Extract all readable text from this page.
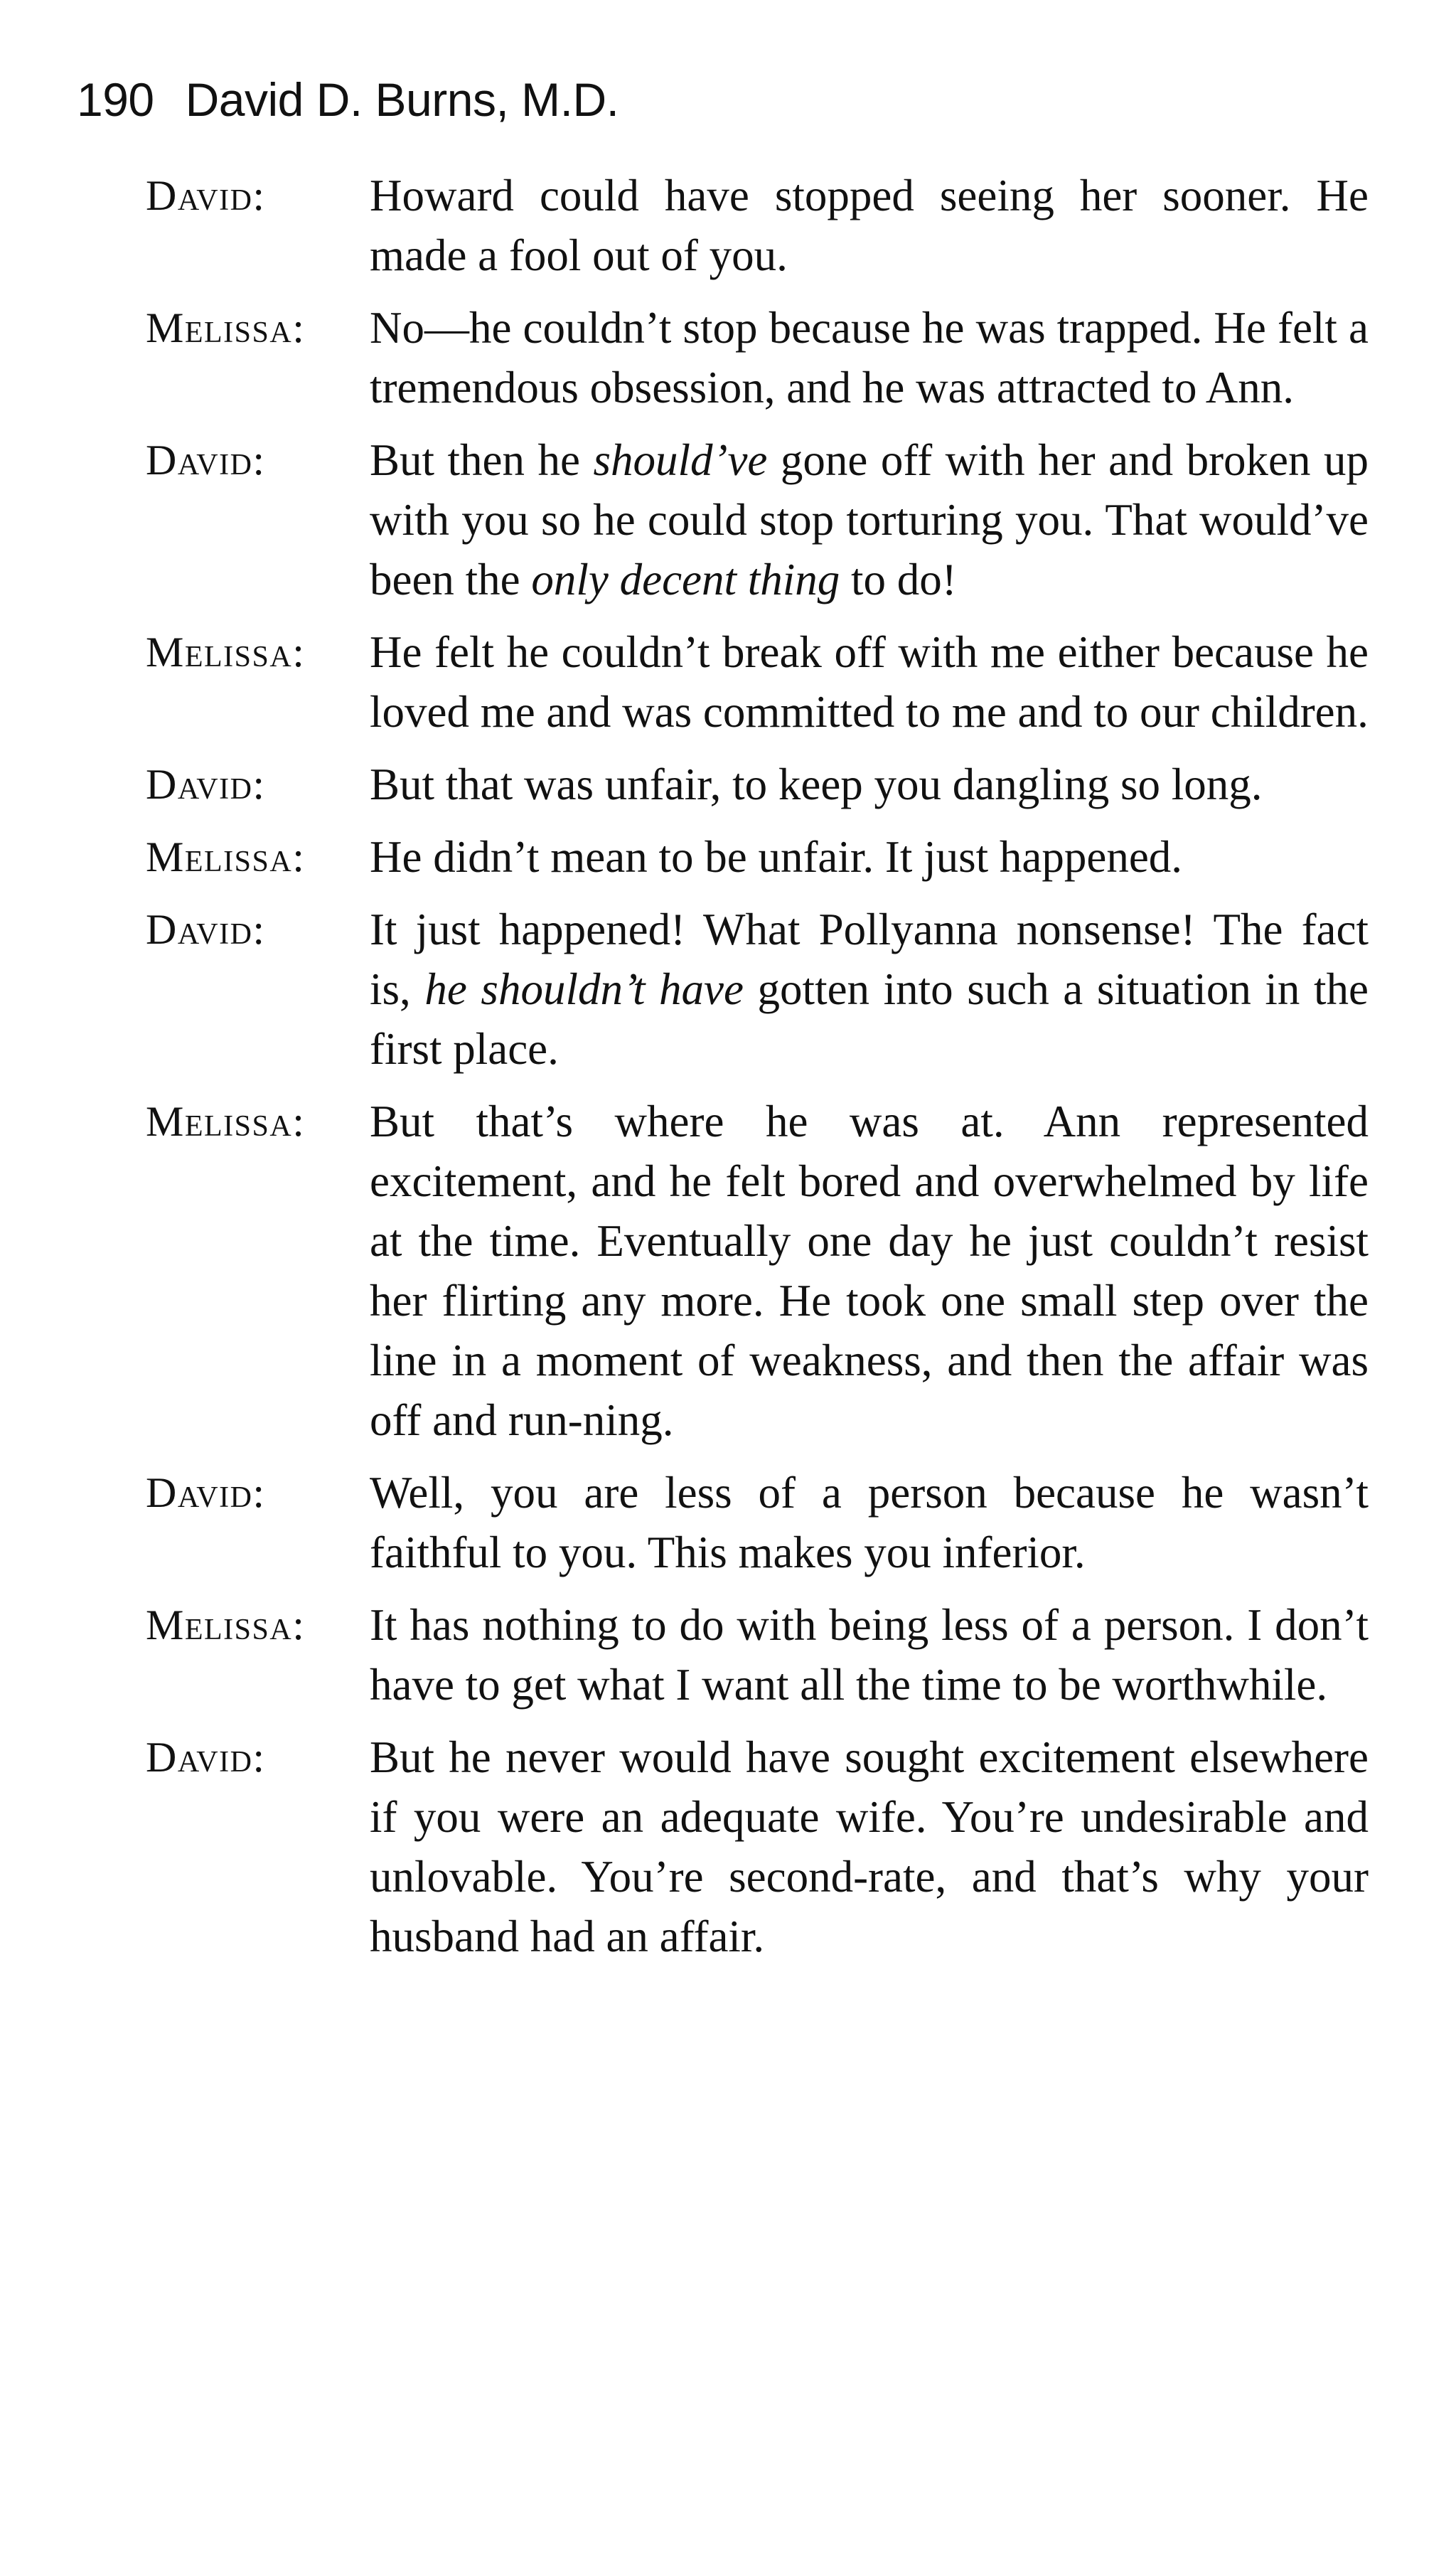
190 David D. Burns, M.D.
David:	Howard could have stopped seeing her sooner. He made a fool out of you.
Melissa:	No—he couldn’t stop because he was trapped. He felt a tremendous obsession, and he was attracted to Ann.
David:	But then he should’ve gone off with her and broken up with you so he could stop torturing you. That would’ve been the only decent thing to do!
Melissa:	He felt he couldn’t break off with me either because he loved me and was committed to me and to our children.
David:	But that was unfair, to keep you dangling so long.
Melissa:	He didn’t mean to be unfair. It just happened.
David:	It just happened! What Pollyanna nonsense! The fact is, he shouldn’t have gotten into such a situation in the first place.
Melissa:	But that’s where he was at. Ann represented excitement, and he felt bored and overwhelmed by life at the time. Eventually one day he just couldn’t resist her flirting any more. He took one small step over the line in a moment of weakness, and then the affair was off and run-ning.
David:	Well, you are less of a person because he wasn’t faithful to you. This makes you inferior.
Melissa:	It has nothing to do with being less of a person. I don’t have to get what I want all the time to be worthwhile.
David:	But he never would have sought excitement elsewhere if you were an adequate wife. You’re undesirable and unlovable. You’re second-rate, and that’s why your husband had an affair.
